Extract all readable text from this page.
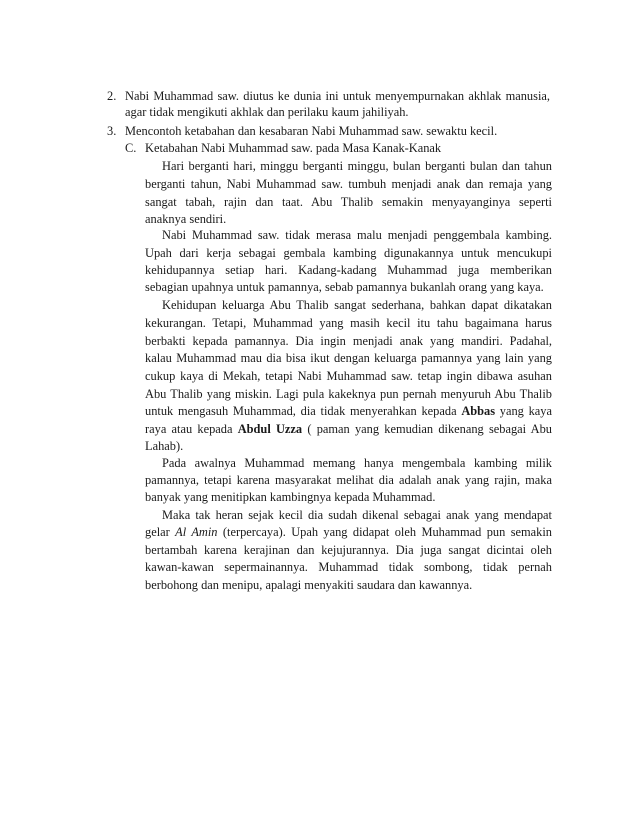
2. Nabi Muhammad saw. diutus ke dunia ini untuk menyempurnakan akhlak manusia,
agar tidak mengikuti akhlak dan perilaku kaum jahiliyah.
3. Mencontoh ketabahan dan kesabaran Nabi Muhammad saw. sewaktu kecil.
C. Ketabahan Nabi Muhammad saw. pada Masa Kanak-Kanak
Hari berganti hari, minggu berganti minggu, bulan berganti bulan dan tahun
berganti tahun, Nabi Muhammad saw. tumbuh menjadi anak dan remaja yang
sangat tabah, rajin dan taat. Abu Thalib semakin menyayanginya seperti
anaknya sendiri.
Nabi Muhammad saw. tidak merasa malu menjadi penggembala kambing.
Upah dari kerja sebagai gembala kambing digunakannya untuk mencukupi
kehidupannya setiap hari. Kadang-kadang Muhammad juga memberikan
sebagian upahnya untuk pamannya, sebab pamannya bukanlah orang yang kaya.
Kehidupan keluarga Abu Thalib sangat sederhana, bahkan dapat dikatakan
kekurangan. Tetapi, Muhammad yang masih kecil itu tahu bagaimana harus
berbakti kepada pamannya. Dia ingin menjadi anak yang mandiri. Padahal,
kalau Muhammad mau dia bisa ikut dengan keluarga pamannya yang lain yang
cukup kaya di Mekah, tetapi Nabi Muhammad saw. tetap ingin dibawa asuhan
Abu Thalib yang miskin. Lagi pula kakeknya pun pernah menyuruh Abu Thalib
untuk mengasuh Muhammad, dia tidak menyerahkan kepada Abbas yang kaya
raya atau kepada Abdul Uzza ( paman yang kemudian dikenang sebagai Abu
Lahab).
Pada awalnya Muhammad memang hanya mengembala kambing milik
pamannya, tetapi karena masyarakat melihat dia adalah anak yang rajin, maka
banyak yang menitipkan kambingnya kepada Muhammad.
Maka tak heran sejak kecil dia sudah dikenal sebagai anak yang mendapat
gelar Al Amin (terpercaya). Upah yang didapat oleh Muhammad pun semakin
bertambah karena kerajinan dan kejujurannya. Dia juga sangat dicintai oleh
kawan-kawan sepermainannya. Muhammad tidak sombong, tidak pernah
berbohong dan menipu, apalagi menyakiti saudara dan kawannya.
